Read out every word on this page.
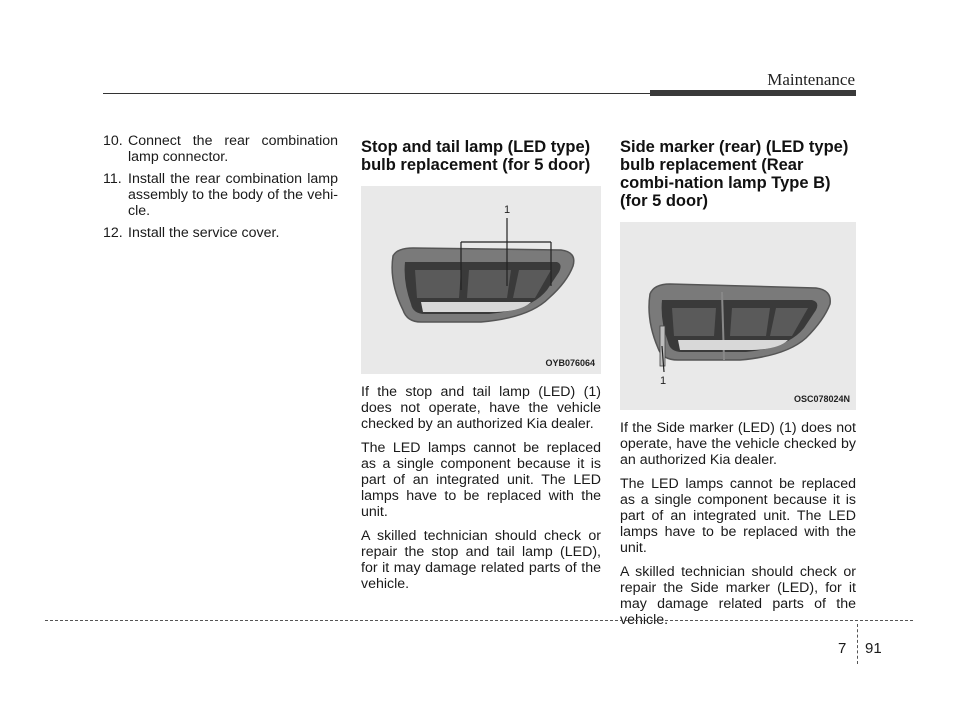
Maintenance
10. Connect the rear combination lamp connector.
11. Install the rear combination lamp assembly to the body of the vehi-cle.
12. Install the service cover.
Stop and tail lamp (LED type) bulb replacement (for 5 door)
1
OYB076064

If the stop and tail lamp (LED) (1) does not operate, have the vehicle checked by an authorized Kia dealer.

The LED lamps cannot be replaced as a single component because it is part of an integrated unit. The LED lamps have to be replaced with the unit.

A skilled technician should check or repair the stop and tail lamp (LED), for it may damage related parts of the vehicle.

Side marker (rear) (LED type) bulb replacement (Rear combi-nation lamp Type B) (for 5 door)
1
OSC078024N

If the Side marker (LED) (1) does not operate, have the vehicle checked by an authorized Kia dealer.

The LED lamps cannot be replaced as a single component because it is part of an integrated unit. The LED lamps have to be replaced with the unit.

A skilled technician should check or repair the Side marker (LED), for it may damage related parts of the vehicle.

7 91
